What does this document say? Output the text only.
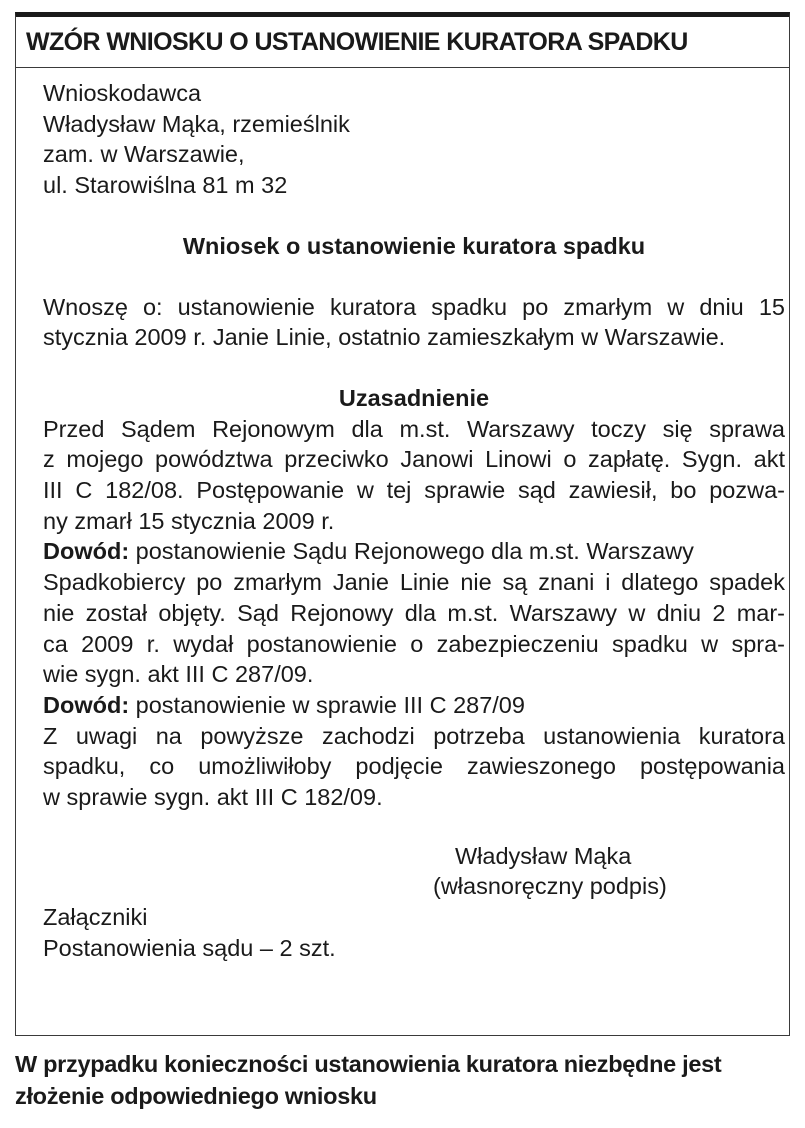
WZÓR WNIOSKU O USTANOWIENIE KURATORA SPADKU
Wnioskodawca
Władysław Mąka, rzemieślnik
zam. w Warszawie,
ul. Starowiślna 81 m 32
Wniosek o ustanowienie kuratora spadku
Wnoszę o: ustanowienie kuratora spadku po zmarłym w dniu 15
stycznia 2009 r. Janie Linie, ostatnio zamieszkałym w Warszawie.
Uzasadnienie
Przed Sądem Rejonowym dla m.st. Warszawy toczy się sprawa
z mojego powództwa przeciwko Janowi Linowi o zapłatę. Sygn. akt
III C 182/08. Postępowanie w tej sprawie sąd zawiesił, bo pozwa-
ny zmarł 15 stycznia 2009 r.
Dowód: postanowienie Sądu Rejonowego dla m.st. Warszawy
Spadkobiercy po zmarłym Janie Linie nie są znani i dlatego spadek
nie został objęty. Sąd Rejonowy dla m.st. Warszawy w dniu 2 mar-
ca 2009 r. wydał postanowienie o zabezpieczeniu spadku w spra-
wie sygn. akt III C 287/09.
Dowód: postanowienie w sprawie III C 287/09
Z uwagi na powyższe zachodzi potrzeba ustanowienia kuratora
spadku, co umożliwiłoby podjęcie zawieszonego postępowania
w sprawie sygn. akt III C 182/09.
Władysław Mąka
(własnoręczny podpis)
Załączniki
Postanowienia sądu – 2 szt.
W przypadku konieczności ustanowienia kuratora niezbędne jest
złożenie odpowiedniego wniosku
